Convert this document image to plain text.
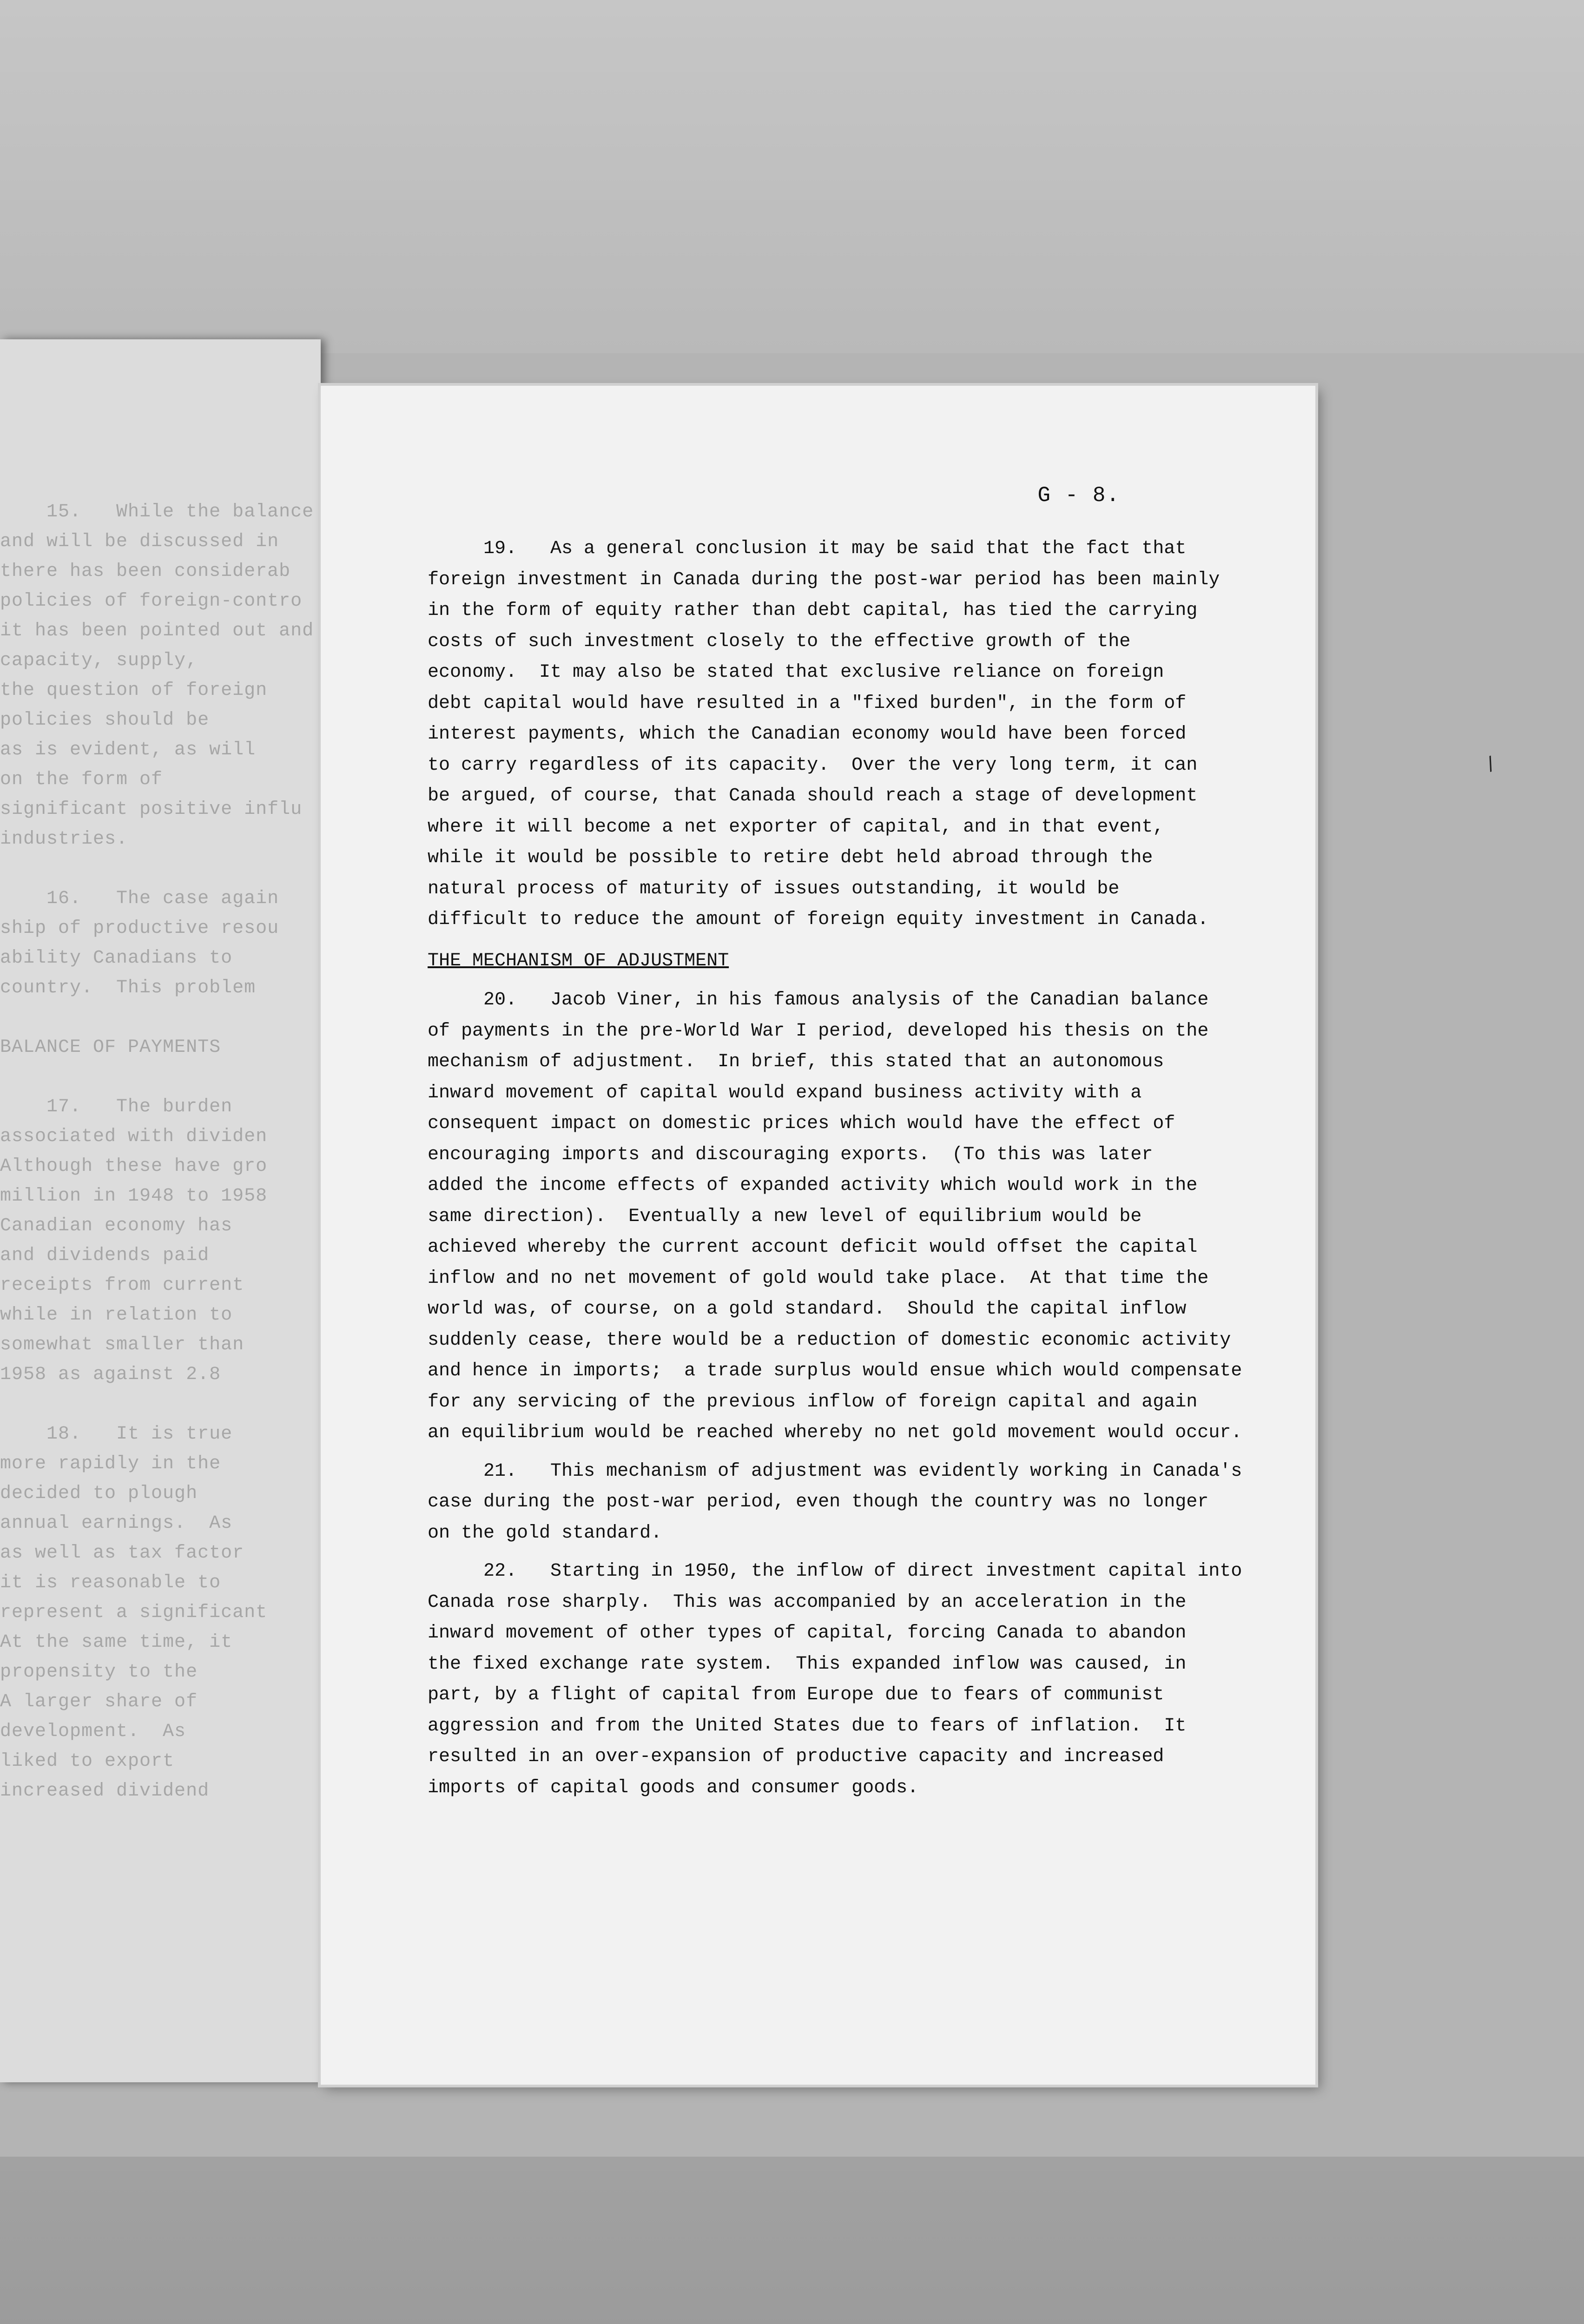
15.   While the balance
and will be discussed in
there has been considerab
policies of foreign-contro
it has been pointed out and
capacity, supply,
the question of foreign
policies should be
as is evident, as will
on the form of
significant positive influ
industries.
16.   The case again
ship of productive resou
ability Canadians to
country.  This problem
BALANCE OF PAYMENTS
17.   The burden
associated with dividen
Although these have gro
million in 1948 to 1958
Canadian economy has
and dividends paid
receipts from current
while in relation to
somewhat smaller than
1958 as against 2.8
18.   It is true
more rapidly in the
decided to plough
annual earnings.  As
as well as tax factor
it is reasonable to
represent a significant
At the same time, it
propensity to the
A larger share of
development.  As
liked to export
increased dividend
G - 8.
19.   As a general conclusion it may be said that the fact that
foreign investment in Canada during the post-war period has been mainly
in the form of equity rather than debt capital, has tied the carrying
costs of such investment closely to the effective growth of the
economy.  It may also be stated that exclusive reliance on foreign
debt capital would have resulted in a "fixed burden", in the form of
interest payments, which the Canadian economy would have been forced
to carry regardless of its capacity.  Over the very long term, it can
be argued, of course, that Canada should reach a stage of development
where it will become a net exporter of capital, and in that event,
while it would be possible to retire debt held abroad through the
natural process of maturity of issues outstanding, it would be
difficult to reduce the amount of foreign equity investment in Canada.
THE MECHANISM OF ADJUSTMENT
20.   Jacob Viner, in his famous analysis of the Canadian balance
of payments in the pre-World War I period, developed his thesis on the
mechanism of adjustment.  In brief, this stated that an autonomous
inward movement of capital would expand business activity with a
consequent impact on domestic prices which would have the effect of
encouraging imports and discouraging exports.  (To this was later
added the income effects of expanded activity which would work in the
same direction).  Eventually a new level of equilibrium would be
achieved whereby the current account deficit would offset the capital
inflow and no net movement of gold would take place.  At that time the
world was, of course, on a gold standard.  Should the capital inflow
suddenly cease, there would be a reduction of domestic economic activity
and hence in imports;  a trade surplus would ensue which would compensate
for any servicing of the previous inflow of foreign capital and again
an equilibrium would be reached whereby no net gold movement would occur.
21.   This mechanism of adjustment was evidently working in Canada's
case during the post-war period, even though the country was no longer
on the gold standard.
22.   Starting in 1950, the inflow of direct investment capital into
Canada rose sharply.  This was accompanied by an acceleration in the
inward movement of other types of capital, forcing Canada to abandon
the fixed exchange rate system.  This expanded inflow was caused, in
part, by a flight of capital from Europe due to fears of communist
aggression and from the United States due to fears of inflation.  It
resulted in an over-expansion of productive capacity and increased
imports of capital goods and consumer goods.
/
